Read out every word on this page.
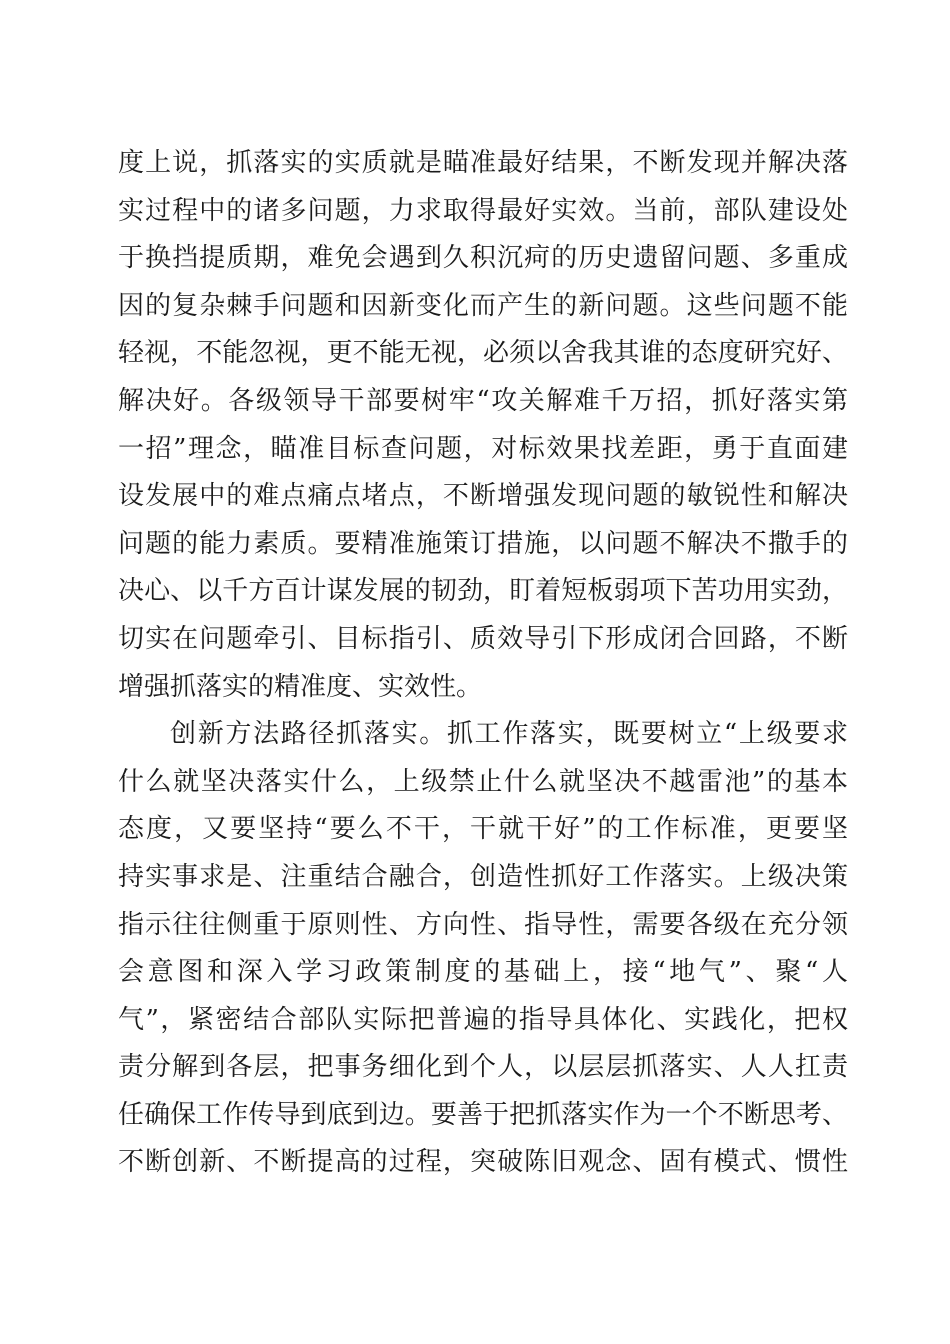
度上说，抓落实的实质就是瞄准最好结果，不断发现并解决落
实过程中的诸多问题，力求取得最好实效。当前，部队建设处
于换挡提质期，难免会遇到久积沉疴的历史遗留问题、多重成
因的复杂棘手问题和因新变化而产生的新问题。这些问题不能
轻视，不能忽视，更不能无视，必须以舍我其谁的态度研究好、
解决好。各级领导干部要树牢“攻关解难千万招，抓好落实第
一招”理念，瞄准目标查问题，对标效果找差距，勇于直面建
设发展中的难点痛点堵点，不断增强发现问题的敏锐性和解决
问题的能力素质。要精准施策订措施，以问题不解决不撒手的
决心、以千方百计谋发展的韧劲，盯着短板弱项下苦功用实劲，
切实在问题牵引、目标指引、质效导引下形成闭合回路，不断
增强抓落实的精准度、实效性。
创新方法路径抓落实。抓工作落实，既要树立“上级要求
什么就坚决落实什么，上级禁止什么就坚决不越雷池”的基本
态度，又要坚持“要么不干，干就干好”的工作标准，更要坚
持实事求是、注重结合融合，创造性抓好工作落实。上级决策
指示往往侧重于原则性、方向性、指导性，需要各级在充分领
会意图和深入学习政策制度的基础上，接“地气”、聚“人
气”，紧密结合部队实际把普遍的指导具体化、实践化，把权
责分解到各层，把事务细化到个人，以层层抓落实、人人扛责
任确保工作传导到底到边。要善于把抓落实作为一个不断思考、
不断创新、不断提高的过程，突破陈旧观念、固有模式、惯性
